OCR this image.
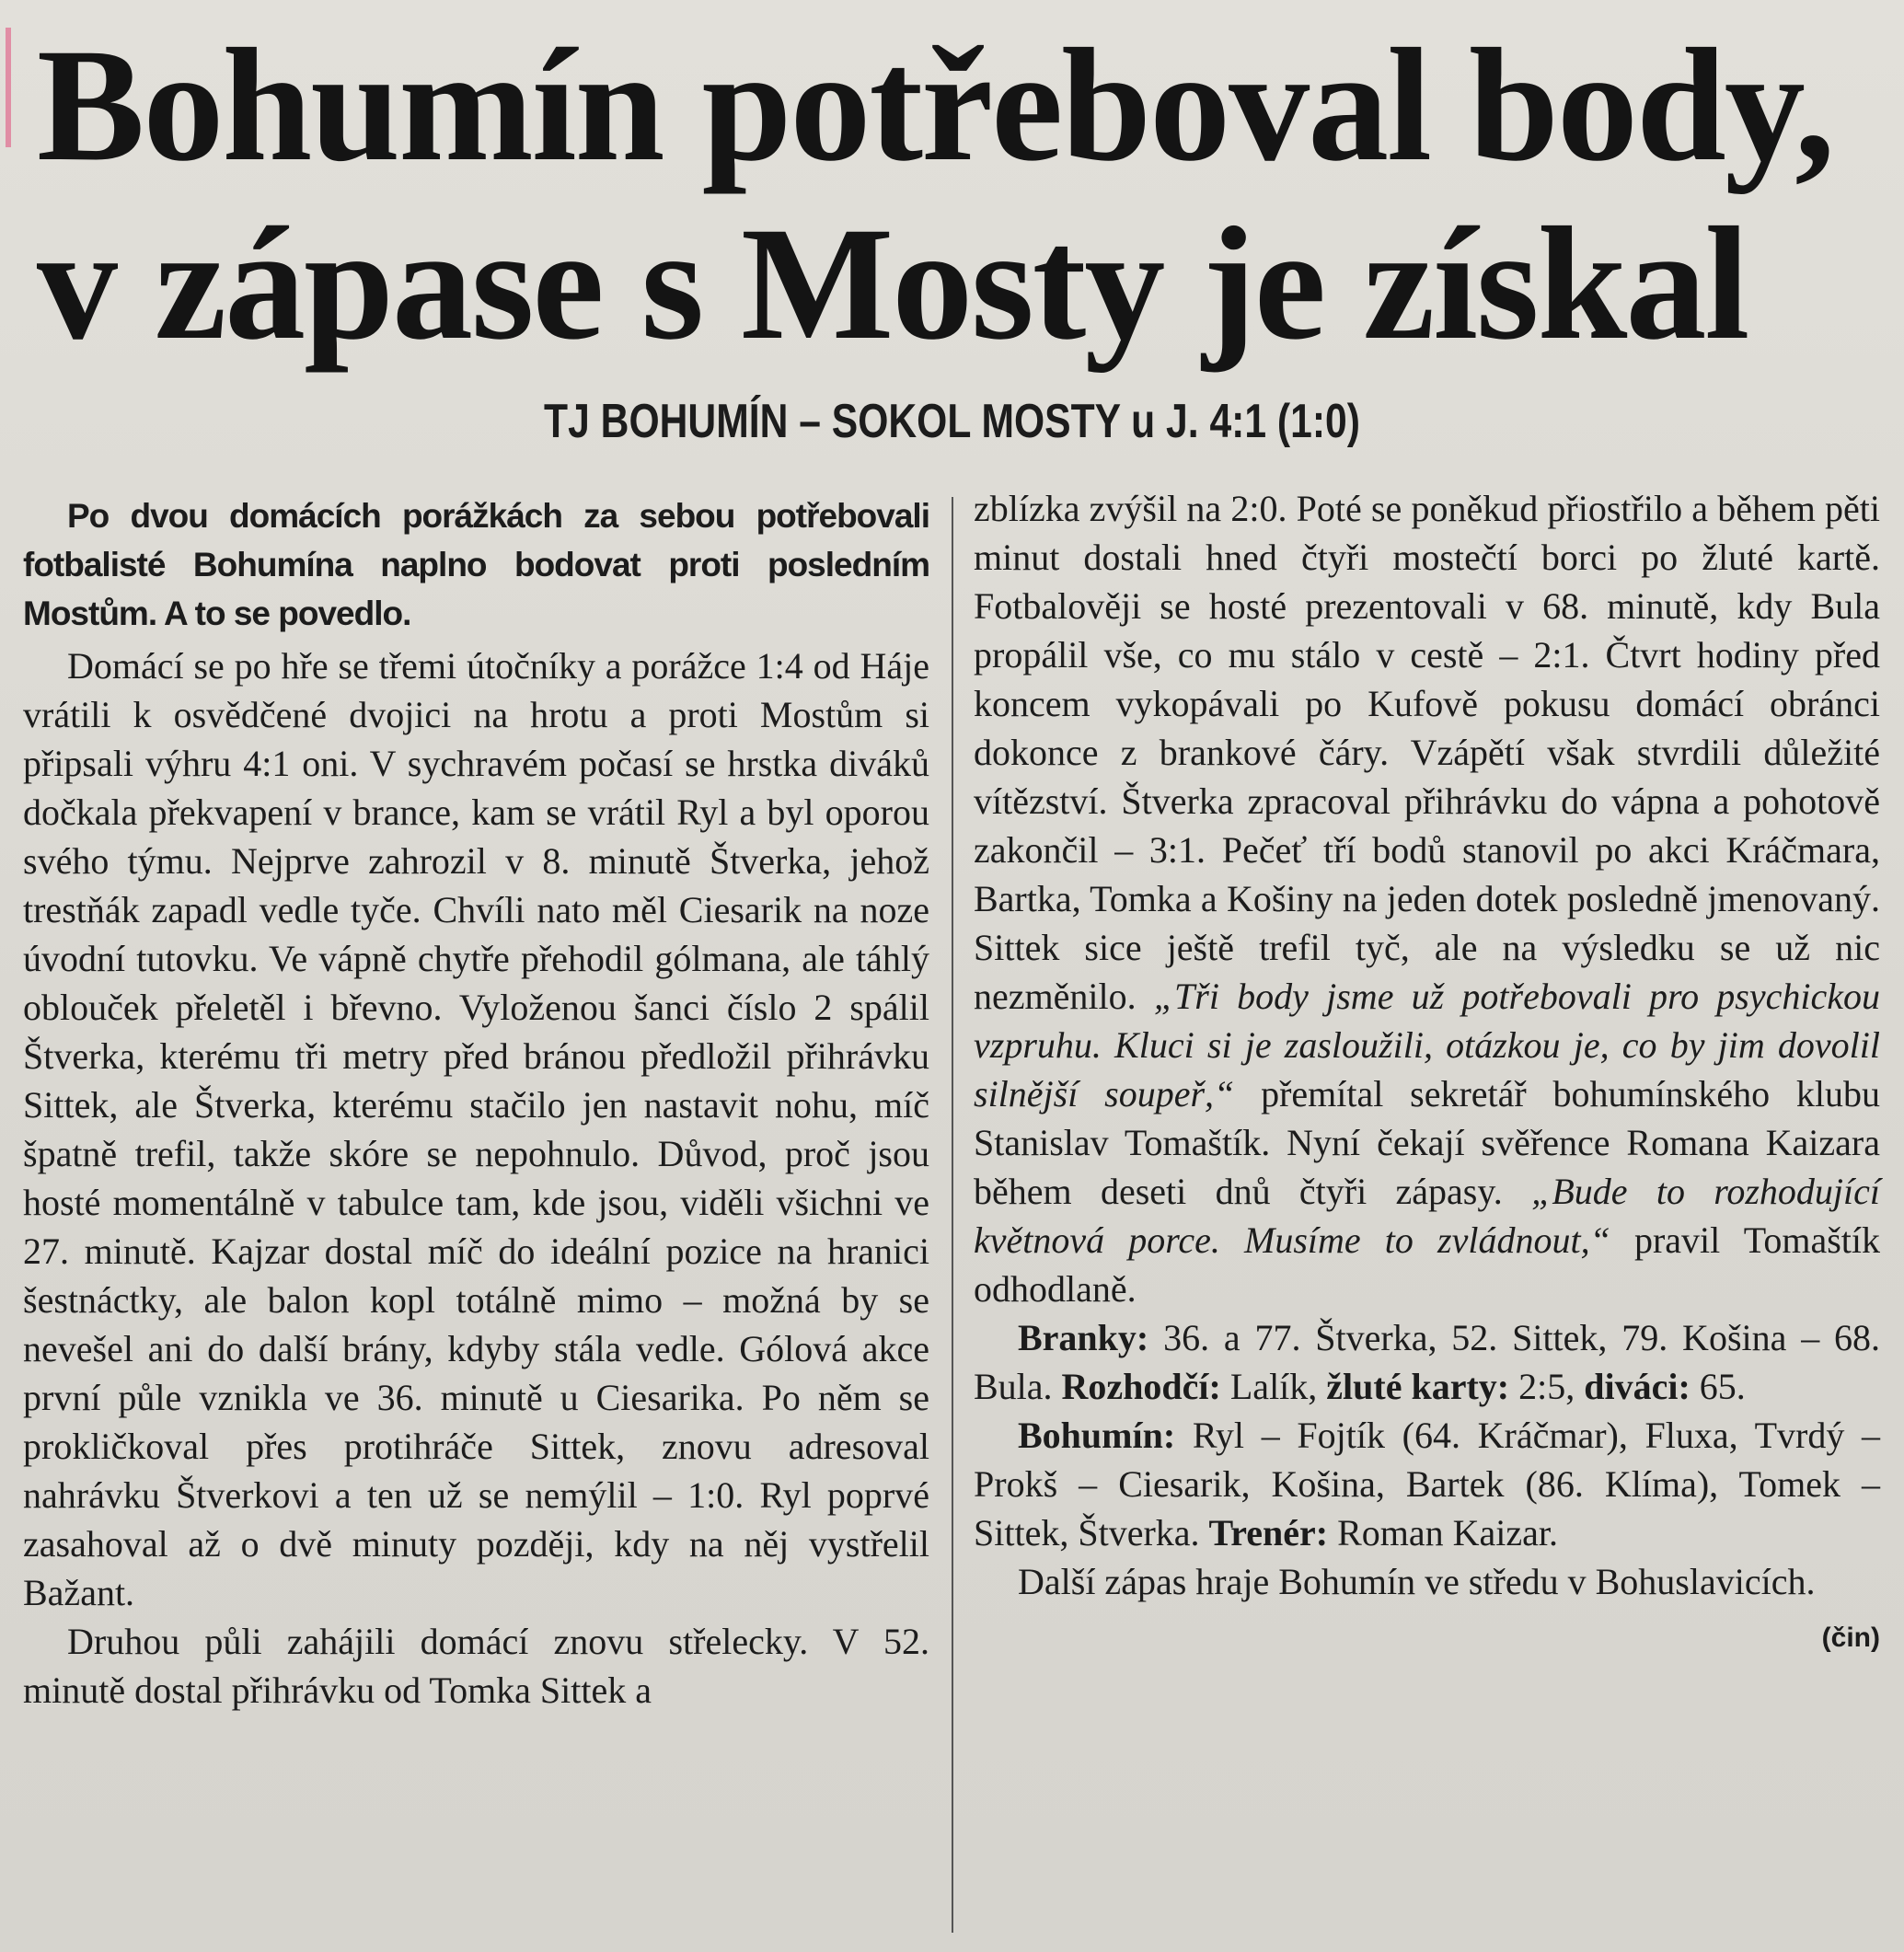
Bohumín potřeboval body,
v zápase s Mosty je získal
TJ BOHUMÍN – SOKOL MOSTY u J. 4:1 (1:0)

Po dvou domácích porážkách za sebou potřebovali fotbalisté Bohumína naplno bodovat proti posledním Mostům. A to se povedlo.

Domácí se po hře se třemi útočníky a porážce 1:4 od Háje vrátili k osvědčené dvojici na hrotu a proti Mostům si připsali výhru 4:1 oni. V sychravém počasí se hrstka diváků dočkala překvapení v brance, kam se vrátil Ryl a byl oporou svého týmu. Nejprve zahrozil v 8. minutě Štverka, jehož trestňák zapadl vedle tyče. Chvíli nato měl Ciesarik na noze úvodní tutovku. Ve vápně chytře přehodil gólmana, ale táhlý oblouček přeletěl i břevno. Vyloženou šanci číslo 2 spálil Štverka, kterému tři metry před bránou předložil přihrávku Sittek, ale Štverka, kterému stačilo jen nastavit nohu, míč špatně trefil, takže skóre se nepohnulo. Důvod, proč jsou hosté momentálně v tabulce tam, kde jsou, viděli všichni ve 27. minutě. Kajzar dostal míč do ideální pozice na hranici šestnáctky, ale balon kopl totálně mimo – možná by se nevešel ani do další brány, kdyby stála vedle. Gólová akce první půle vznikla ve 36. minutě u Ciesarika. Po něm se prokličkoval přes protihráče Sittek, znovu adresoval nahrávku Štverkovi a ten už se nemýlil – 1:0. Ryl poprvé zasahoval až o dvě minuty později, kdy na něj vystřelil Bažant.

Druhou půli zahájili domácí znovu střelecky. V 52. minutě dostal přihrávku od Tomka Sittek a

zblízka zvýšil na 2:0. Poté se poněkud přiostřilo a během pěti minut dostali hned čtyři mostečtí borci po žluté kartě. Fotbalověji se hosté prezentovali v 68. minutě, kdy Bula propálil vše, co mu stálo v cestě – 2:1. Čtvrt hodiny před koncem vykopávali po Kufově pokusu domácí obránci dokonce z brankové čáry. Vzápětí však stvrdili důležité vítězství. Štverka zpracoval přihrávku do vápna a pohotově zakončil – 3:1. Pečeť tří bodů stanovil po akci Kráčmara, Bartka, Tomka a Košiny na jeden dotek posledně jmenovaný. Sittek sice ještě trefil tyč, ale na výsledku se už nic nezměnilo. „Tři body jsme už potřebovali pro psychickou vzpruhu. Kluci si je zasloužili, otázkou je, co by jim dovolil silnější soupeř,“ přemítal sekretář bohumínského klubu Stanislav Tomaštík. Nyní čekají svěřence Romana Kaizara během deseti dnů čtyři zápasy. „Bude to rozhodující květnová porce. Musíme to zvládnout,“ pravil Tomaštík odhodlaně.

Branky: 36. a 77. Štverka, 52. Sittek, 79. Košina – 68. Bula. Rozhodčí: Lalík, žluté karty: 2:5, diváci: 65.

Bohumín: Ryl – Fojtík (64. Kráčmar), Fluxa, Tvrdý – Prokš – Ciesarik, Košina, Bartek (86. Klíma), Tomek – Sittek, Štverka. Trenér: Roman Kaizar.

Další zápas hraje Bohumín ve středu v Bohuslavicích.
(čin)
